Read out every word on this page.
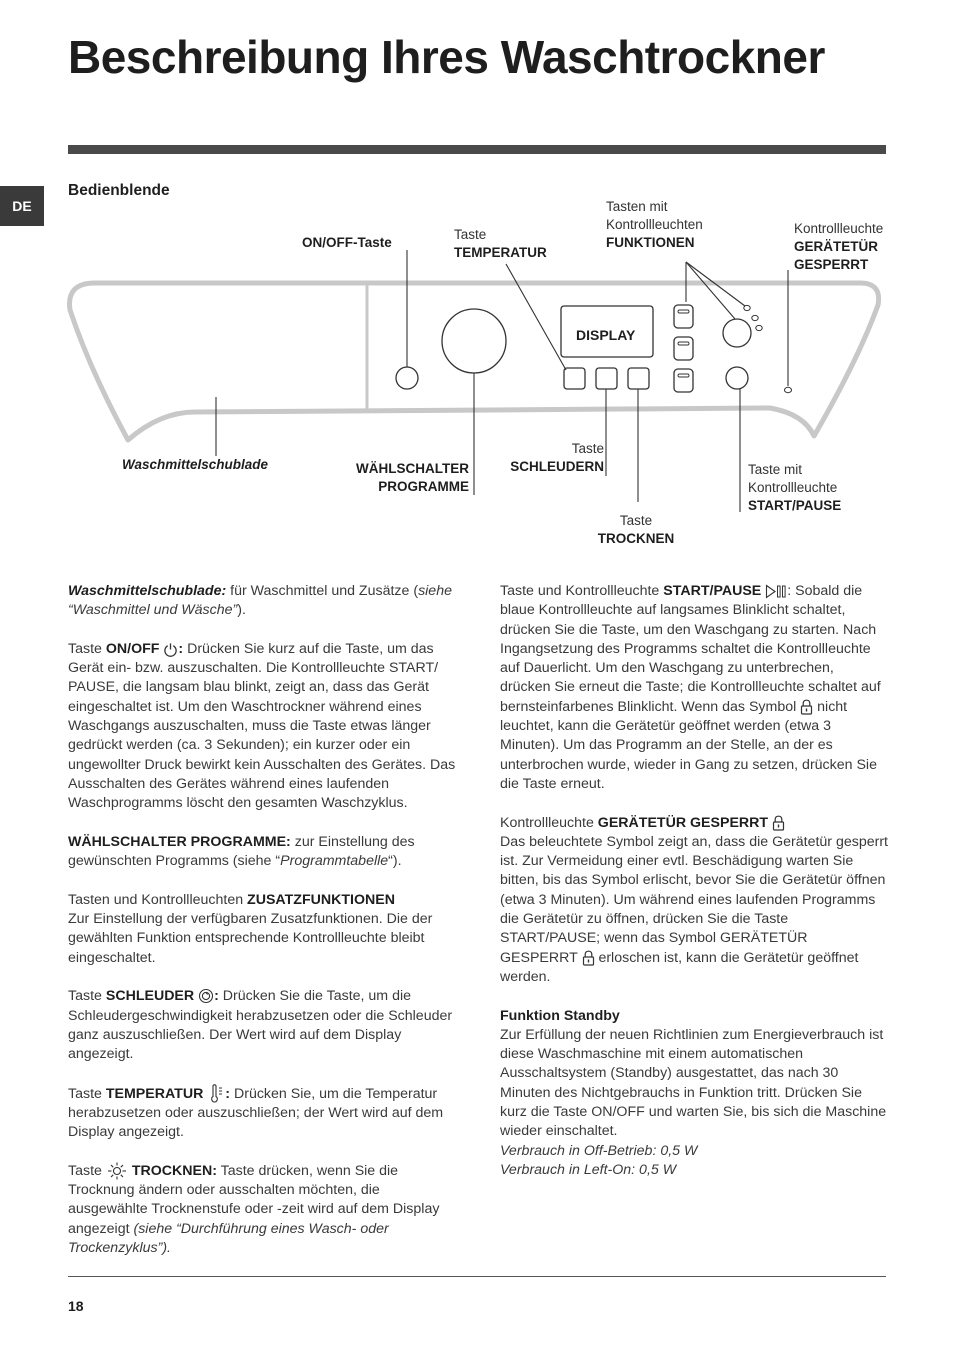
Beschreibung Ihres Waschtrockner
DE
Bedienblende
DISPLAY
ON/OFF-Taste
Taste
TEMPERATUR
Tasten mit
Kontrollleuchten
FUNKTIONEN
Kontrollleuchte
GERÄTETÜR
GESPERRT
Waschmittelschublade	WÄHLSCHALTER
PROGRAMME
Taste
SCHLEUDERN
Taste
TROCKNEN
Taste mit
Kontrollleuchte
START/PAUSE

Waschmittelschublade: für Waschmittel und Zusätze (siehe “Waschmittel und Wäsche”).

Taste ON/OFF : Drücken Sie kurz auf die Taste, um das Gerät ein- bzw. auszuschalten. Die Kontrollleuchte START/ PAUSE, die langsam blau blinkt, zeigt an, dass das Gerät eingeschaltet ist. Um den Waschtrockner während eines Waschgangs auszuschalten, muss die Taste etwas länger gedrückt werden (ca. 3 Sekunden); ein kurzer oder ein ungewollter Druck bewirkt kein Ausschalten des Gerätes. Das Ausschalten des Gerätes während eines laufenden Waschprogramms löscht den gesamten Waschzyklus.

WÄHLSCHALTER PROGRAMME: zur Einstellung des gewünschten Programms (siehe “Programmtabelle“).

Tasten und Kontrollleuchten ZUSATZFUNKTIONEN
Zur Einstellung der verfügbaren Zusatzfunktionen. Die der gewählten Funktion entsprechende Kontrollleuchte bleibt eingeschaltet.

Taste SCHLEUDER : Drücken Sie die Taste, um die Schleudergeschwindigkeit herabzusetzen oder die Schleuder ganz auszuschließen. Der Wert wird auf dem Display angezeigt.

Taste TEMPERATUR : Drücken Sie, um die Temperatur herabzusetzen oder auszuschließen; der Wert wird auf dem Display angezeigt.

Taste  TROCKNEN: Taste drücken, wenn Sie die Trocknung ändern oder ausschalten möchten, die ausgewählte Trocknenstufe oder -zeit wird auf dem Display angezeigt (siehe “Durchführung eines Wasch- oder Trockenzyklus”).

Taste und Kontrollleuchte START/PAUSE : Sobald die blaue Kontrollleuchte auf langsames Blinklicht schaltet, drücken Sie die Taste, um den Waschgang zu starten. Nach Ingangsetzung des Programms schaltet die Kontrollleuchte auf Dauerlicht. Um den Waschgang zu unterbrechen, drücken Sie erneut die Taste; die Kontrollleuchte schaltet auf bernsteinfarbenes Blinklicht. Wenn das Symbol  nicht leuchtet, kann die Gerätetür geöffnet werden (etwa 3 Minuten). Um das Programm an der Stelle, an der es unterbrochen wurde, wieder in Gang zu setzen, drücken Sie die Taste erneut.

Kontrollleuchte GERÄTETÜR GESPERRT
Das beleuchtete Symbol zeigt an, dass die Gerätetür gesperrt ist. Zur Vermeidung einer evtl. Beschädigung warten Sie bitten, bis das Symbol erlischt, bevor Sie die Gerätetür öffnen (etwa 3 Minuten). Um während eines laufenden Programms die Gerätetür zu öffnen, drücken Sie die Taste START/PAUSE; wenn das Symbol GERÄTETÜR GESPERRT  erloschen ist, kann die Gerätetür geöffnet werden.

Funktion Standby
Zur Erfüllung der neuen Richtlinien zum Energieverbrauch ist diese Waschmaschine mit einem automatischen Ausschaltsystem (Standby) ausgestattet, das nach 30 Minuten des Nichtgebrauchs in Funktion tritt. Drücken Sie kurz die Taste ON/OFF und warten Sie, bis sich die Maschine wieder einschaltet.
Verbrauch in Off-Betrieb: 0,5 W
Verbrauch in Left-On: 0,5 W

18
